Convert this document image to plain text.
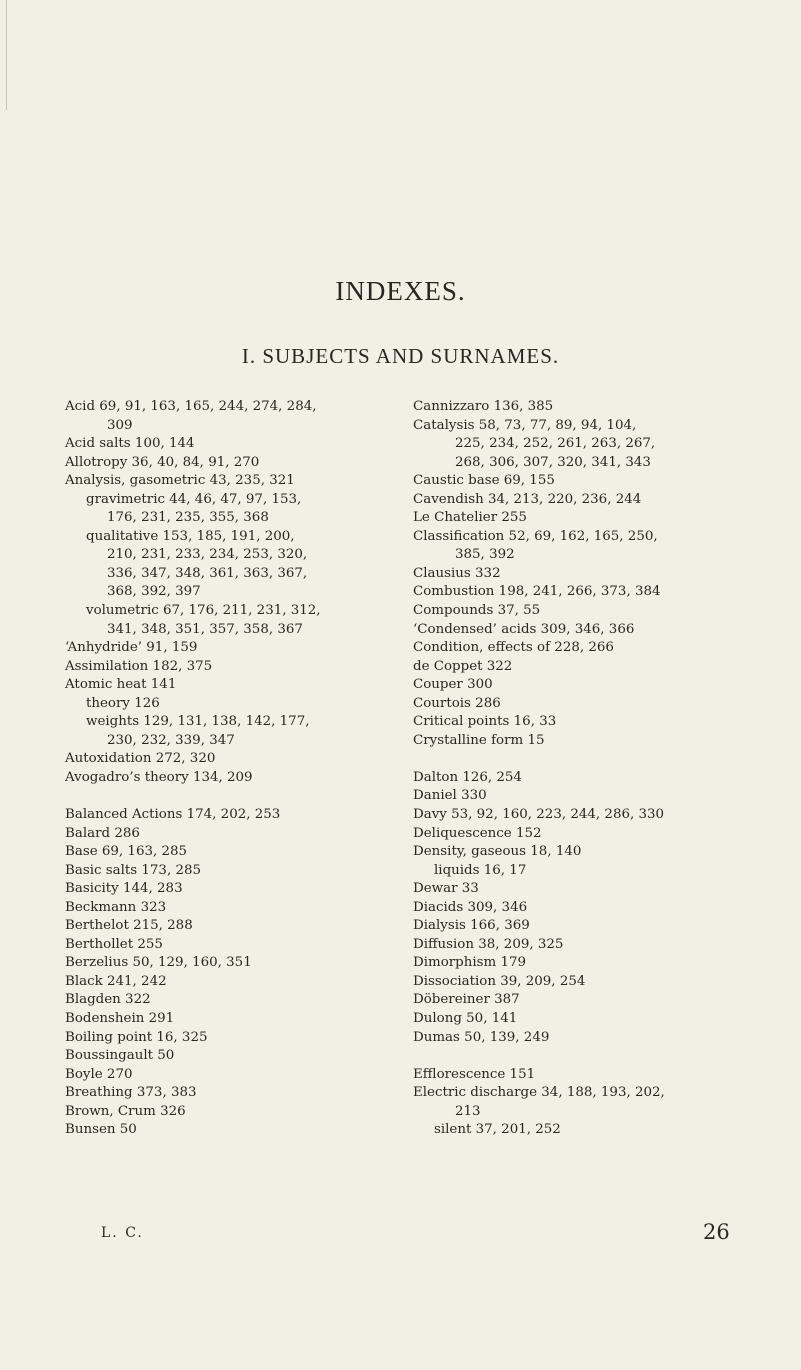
INDEXES.
I. SUBJECTS AND SURNAMES.
Acid 69, 91, 163, 165, 244, 274, 284,
309
Acid salts 100, 144
Allotropy 36, 40, 84, 91, 270
Analysis, gasometric 43, 235, 321
gravimetric 44, 46, 47, 97, 153,
176, 231, 235, 355, 368
qualitative 153, 185, 191, 200,
210, 231, 233, 234, 253, 320,
336, 347, 348, 361, 363, 367,
368, 392, 397
volumetric 67, 176, 211, 231, 312,
341, 348, 351, 357, 358, 367
‘Anhydride’ 91, 159
Assimilation 182, 375
Atomic heat 141
theory 126
weights 129, 131, 138, 142, 177,
230, 232, 339, 347
Autoxidation 272, 320
Avogadro’s theory 134, 209
Balanced Actions 174, 202, 253
Balard 286
Base 69, 163, 285
Basic salts 173, 285
Basicity 144, 283
Beckmann 323
Berthelot 215, 288
Berthollet 255
Berzelius 50, 129, 160, 351
Black 241, 242
Blagden 322
Bodenshein 291
Boiling point 16, 325
Boussingault 50
Boyle 270
Breathing 373, 383
Brown, Crum 326
Bunsen 50
Cannizzaro 136, 385
Catalysis 58, 73, 77, 89, 94, 104,
225, 234, 252, 261, 263, 267,
268, 306, 307, 320, 341, 343
Caustic base 69, 155
Cavendish 34, 213, 220, 236, 244
Le Chatelier 255
Classification 52, 69, 162, 165, 250,
385, 392
Clausius 332
Combustion 198, 241, 266, 373, 384
Compounds 37, 55
‘Condensed’ acids 309, 346, 366
Condition, effects of 228, 266
de Coppet 322
Couper 300
Courtois 286
Critical points 16, 33
Crystalline form 15
Dalton 126, 254
Daniel 330
Davy 53, 92, 160, 223, 244, 286, 330
Deliquescence 152
Density, gaseous 18, 140
liquids 16, 17
Dewar 33
Diacids 309, 346
Dialysis 166, 369
Diffusion 38, 209, 325
Dimorphism 179
Dissociation 39, 209, 254
Döbereiner 387
Dulong 50, 141
Dumas 50, 139, 249
Efflorescence 151
Electric discharge 34, 188, 193, 202,
213
silent 37, 201, 252
L. C.	26
